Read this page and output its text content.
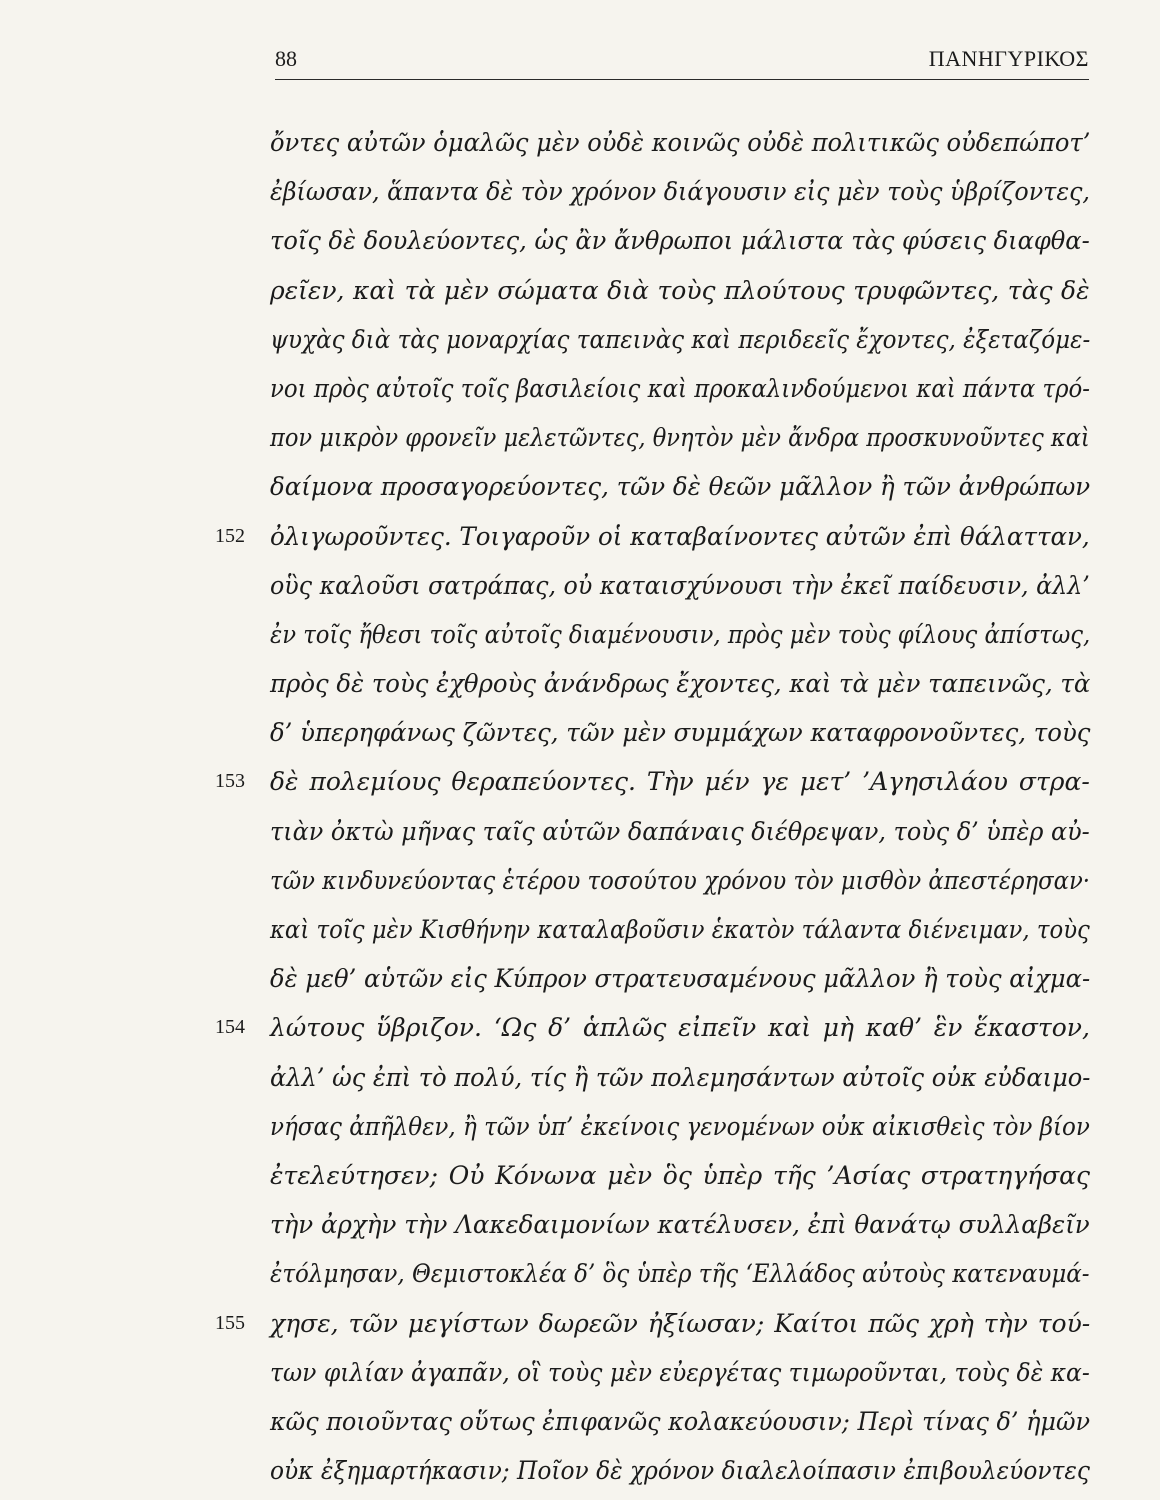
88	ΠΑΝΗΓΥΡΙΚΟΣ
ὄντες αὐτῶν ὁμαλῶς μὲν οὐδὲ κοινῶς οὐδὲ πολιτικῶς οὐδεπώποτ’
ἐβίωσαν, ἅπαντα δὲ τὸν χρόνον διάγουσιν εἰς μὲν τοὺς ὑβρίζοντες,
τοῖς δὲ δουλεύοντες, ὡς ἂν ἄνθρωποι μάλιστα τὰς φύσεις διαφθα-
ρεῖεν, καὶ τὰ μὲν σώματα διὰ τοὺς πλούτους τρυφῶντες, τὰς δὲ
ψυχὰς διὰ τὰς μοναρχίας ταπεινὰς καὶ περιδεεῖς ἔχοντες, ἐξεταζόμε-
νοι πρὸς αὐτοῖς τοῖς βασιλείοις καὶ προκαλινδούμενοι καὶ πάντα τρό-
πον μικρὸν φρονεῖν μελετῶντες, θνητὸν μὲν ἄνδρα προσκυνοῦντες καὶ
δαίμονα προσαγορεύοντες, τῶν δὲ θεῶν μᾶλλον ἢ τῶν ἀνθρώπων
152 ὀλιγωροῦντες. Τοιγαροῦν οἱ καταβαίνοντες αὐτῶν ἐπὶ θάλατταν,
οὓς καλοῦσι σατράπας, οὐ καταισχύνουσι τὴν ἐκεῖ παίδευσιν, ἀλλ’
ἐν τοῖς ἤθεσι τοῖς αὐτοῖς διαμένουσιν, πρὸς μὲν τοὺς φίλους ἀπίστως,
πρὸς δὲ τοὺς ἐχθροὺς ἀνάνδρως ἔχοντες, καὶ τὰ μὲν ταπεινῶς, τὰ
δ’ ὑπερηφάνως ζῶντες, τῶν μὲν συμμάχων καταφρονοῦντες, τοὺς
153 δὲ πολεμίους θεραπεύοντες. Τὴν μέν γε μετ’ ’Αγησιλάου στρα-
τιὰν ὀκτὼ μῆνας ταῖς αὑτῶν δαπάναις διέθρεψαν, τοὺς δ’ ὑπὲρ αὐ-
τῶν κινδυνεύοντας ἑτέρου τοσούτου χρόνου τὸν μισθὸν ἀπεστέρησαν·
καὶ τοῖς μὲν Κισθήνην καταλαβοῦσιν ἑκατὸν τάλαντα διένειμαν, τοὺς
δὲ μεθ’ αὑτῶν εἰς Κύπρον στρατευσαμένους μᾶλλον ἢ τοὺς αἰχμα-
154 λώτους ὕβριζον. ‘Ως δ’ ἁπλῶς εἰπεῖν καὶ μὴ καθ’ ἓν ἕκαστον,
ἀλλ’ ὡς ἐπὶ τὸ πολύ, τίς ἢ τῶν πολεμησάντων αὐτοῖς οὐκ εὐδαιμο-
νήσας ἀπῆλθεν, ἢ τῶν ὑπ’ ἐκείνοις γενομένων οὐκ αἰκισθεὶς τὸν βίον
ἐτελεύτησεν; Οὐ Κόνωνα μὲν ὃς ὑπὲρ τῆς ’Ασίας στρατηγήσας
τὴν ἀρχὴν τὴν Λακεδαιμονίων κατέλυσεν, ἐπὶ θανάτῳ συλλαβεῖν
ἐτόλμησαν, Θεμιστοκλέα δ’ ὃς ὑπὲρ τῆς ‘Ελλάδος αὐτοὺς κατεναυμά-
155 χησε, τῶν μεγίστων δωρεῶν ἠξίωσαν; Καίτοι πῶς χρὴ τὴν τού-
των φιλίαν ἀγαπᾶν, οἳ τοὺς μὲν εὐεργέτας τιμωροῦνται, τοὺς δὲ κα-
κῶς ποιοῦντας οὕτως ἐπιφανῶς κολακεύουσιν; Περὶ τίνας δ’ ἡμῶν
οὐκ ἐξημαρτήκασιν; Ποῖον δὲ χρόνον διαλελοίπασιν ἐπιβουλεύοντες
